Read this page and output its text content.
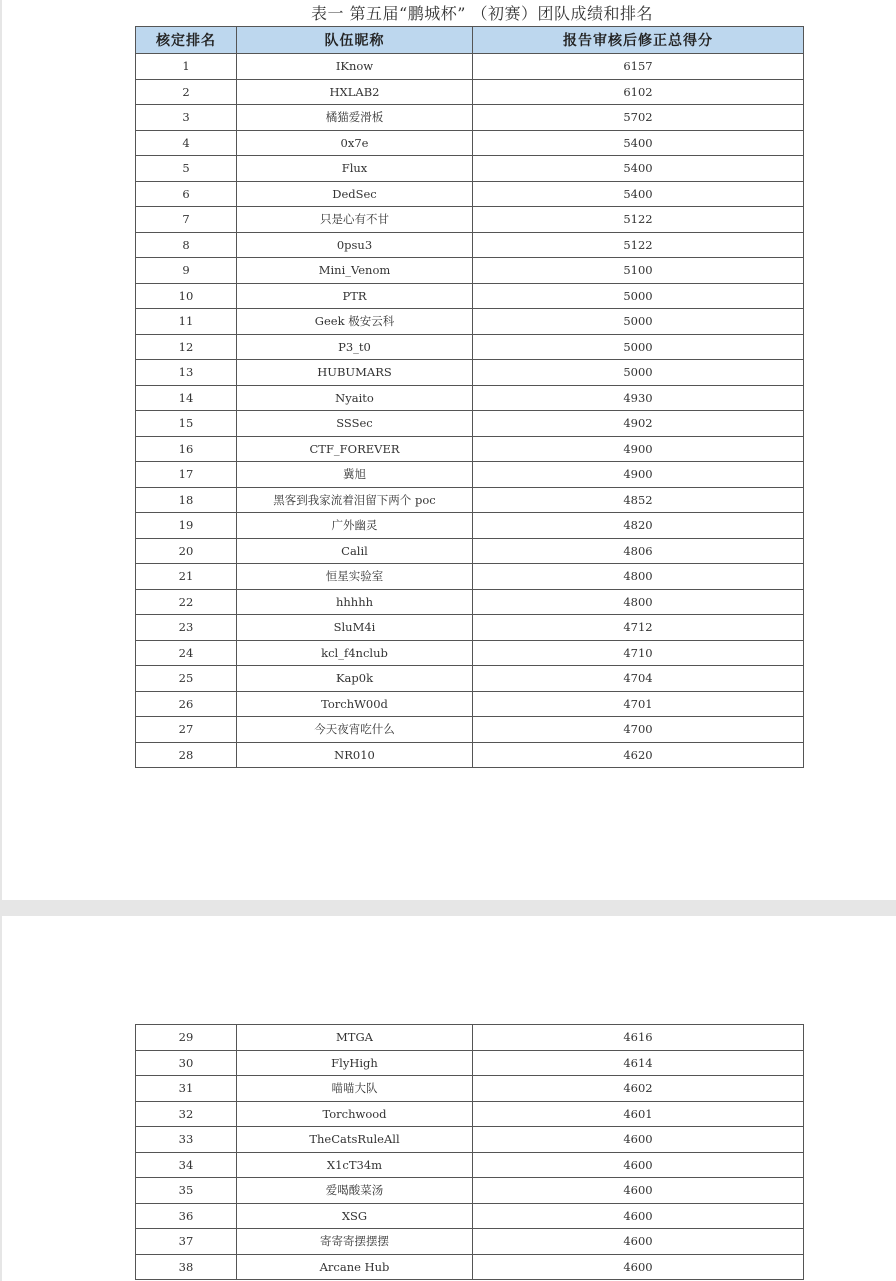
表一 第五届“鹏城杯” （初赛）团队成绩和排名
核定排名	队伍昵称	报告审核后修正总得分
1	IKnow	6157
2	HXLAB2	6102
3	橘猫爱滑板	5702
4	0x7e	5400
5	Flux	5400
6	DedSec	5400
7	只是心有不甘	5122
8	0psu3	5122
9	Mini_Venom	5100
10	PTR	5000
11	Geek 极安云科	5000
12	P3_t0	5000
13	HUBUMARS	5000
14	Nyaito	4930
15	SSSec	4902
16	CTF_FOREVER	4900
17	冀旭	4900
18	黑客到我家流着泪留下两个 poc	4852
19	广外幽灵	4820
20	Calil	4806
21	恒星实验室	4800
22	hhhhh	4800
23	SluM4i	4712
24	kcl_f4nclub	4710
25	Kap0k	4704
26	TorchW00d	4701
27	今天夜宵吃什么	4700
28	NR010	4620
29	MTGA	4616
30	FlyHigh	4614
31	喵喵大队	4602
32	Torchwood	4601
33	TheCatsRuleAll	4600
34	X1cT34m	4600
35	爱喝酸菜汤	4600
36	XSG	4600
37	寄寄寄摆摆摆	4600
38	Arcane Hub	4600
